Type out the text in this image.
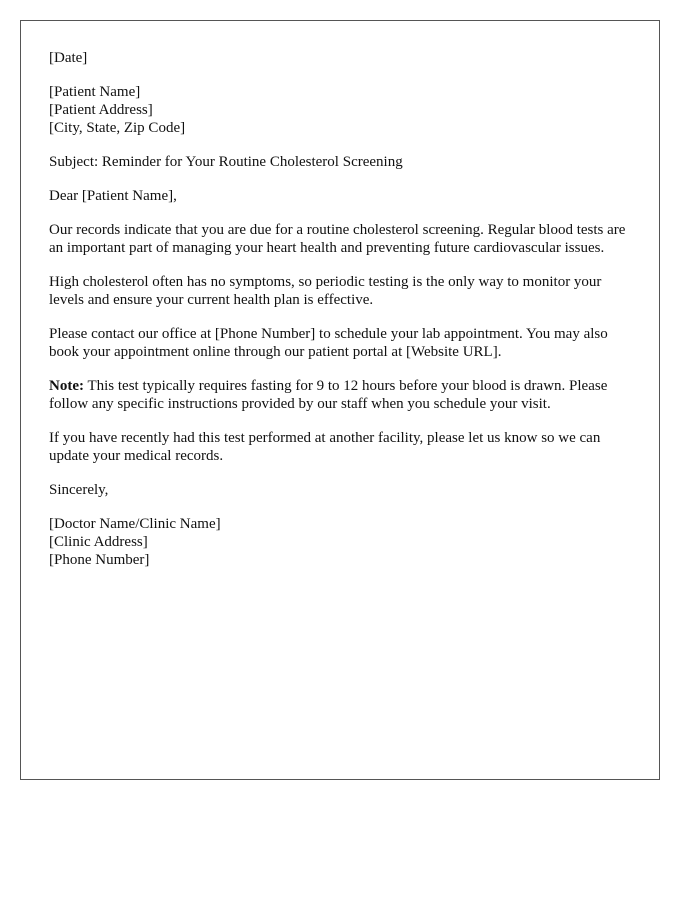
[Date]
[Patient Name]
[Patient Address]
[City, State, Zip Code]

Subject: Reminder for Your Routine Cholesterol Screening

Dear [Patient Name],

Our records indicate that you are due for a routine cholesterol screening. Regular blood tests are an important part of managing your heart health and preventing future cardiovascular issues.

High cholesterol often has no symptoms, so periodic testing is the only way to monitor your levels and ensure your current health plan is effective.

Please contact our office at [Phone Number] to schedule your lab appointment. You may also book your appointment online through our patient portal at [Website URL].

Note: This test typically requires fasting for 9 to 12 hours before your blood is drawn. Please follow any specific instructions provided by our staff when you schedule your visit.

If you have recently had this test performed at another facility, please let us know so we can update your medical records.

Sincerely,

[Doctor Name/Clinic Name]
[Clinic Address]
[Phone Number]
